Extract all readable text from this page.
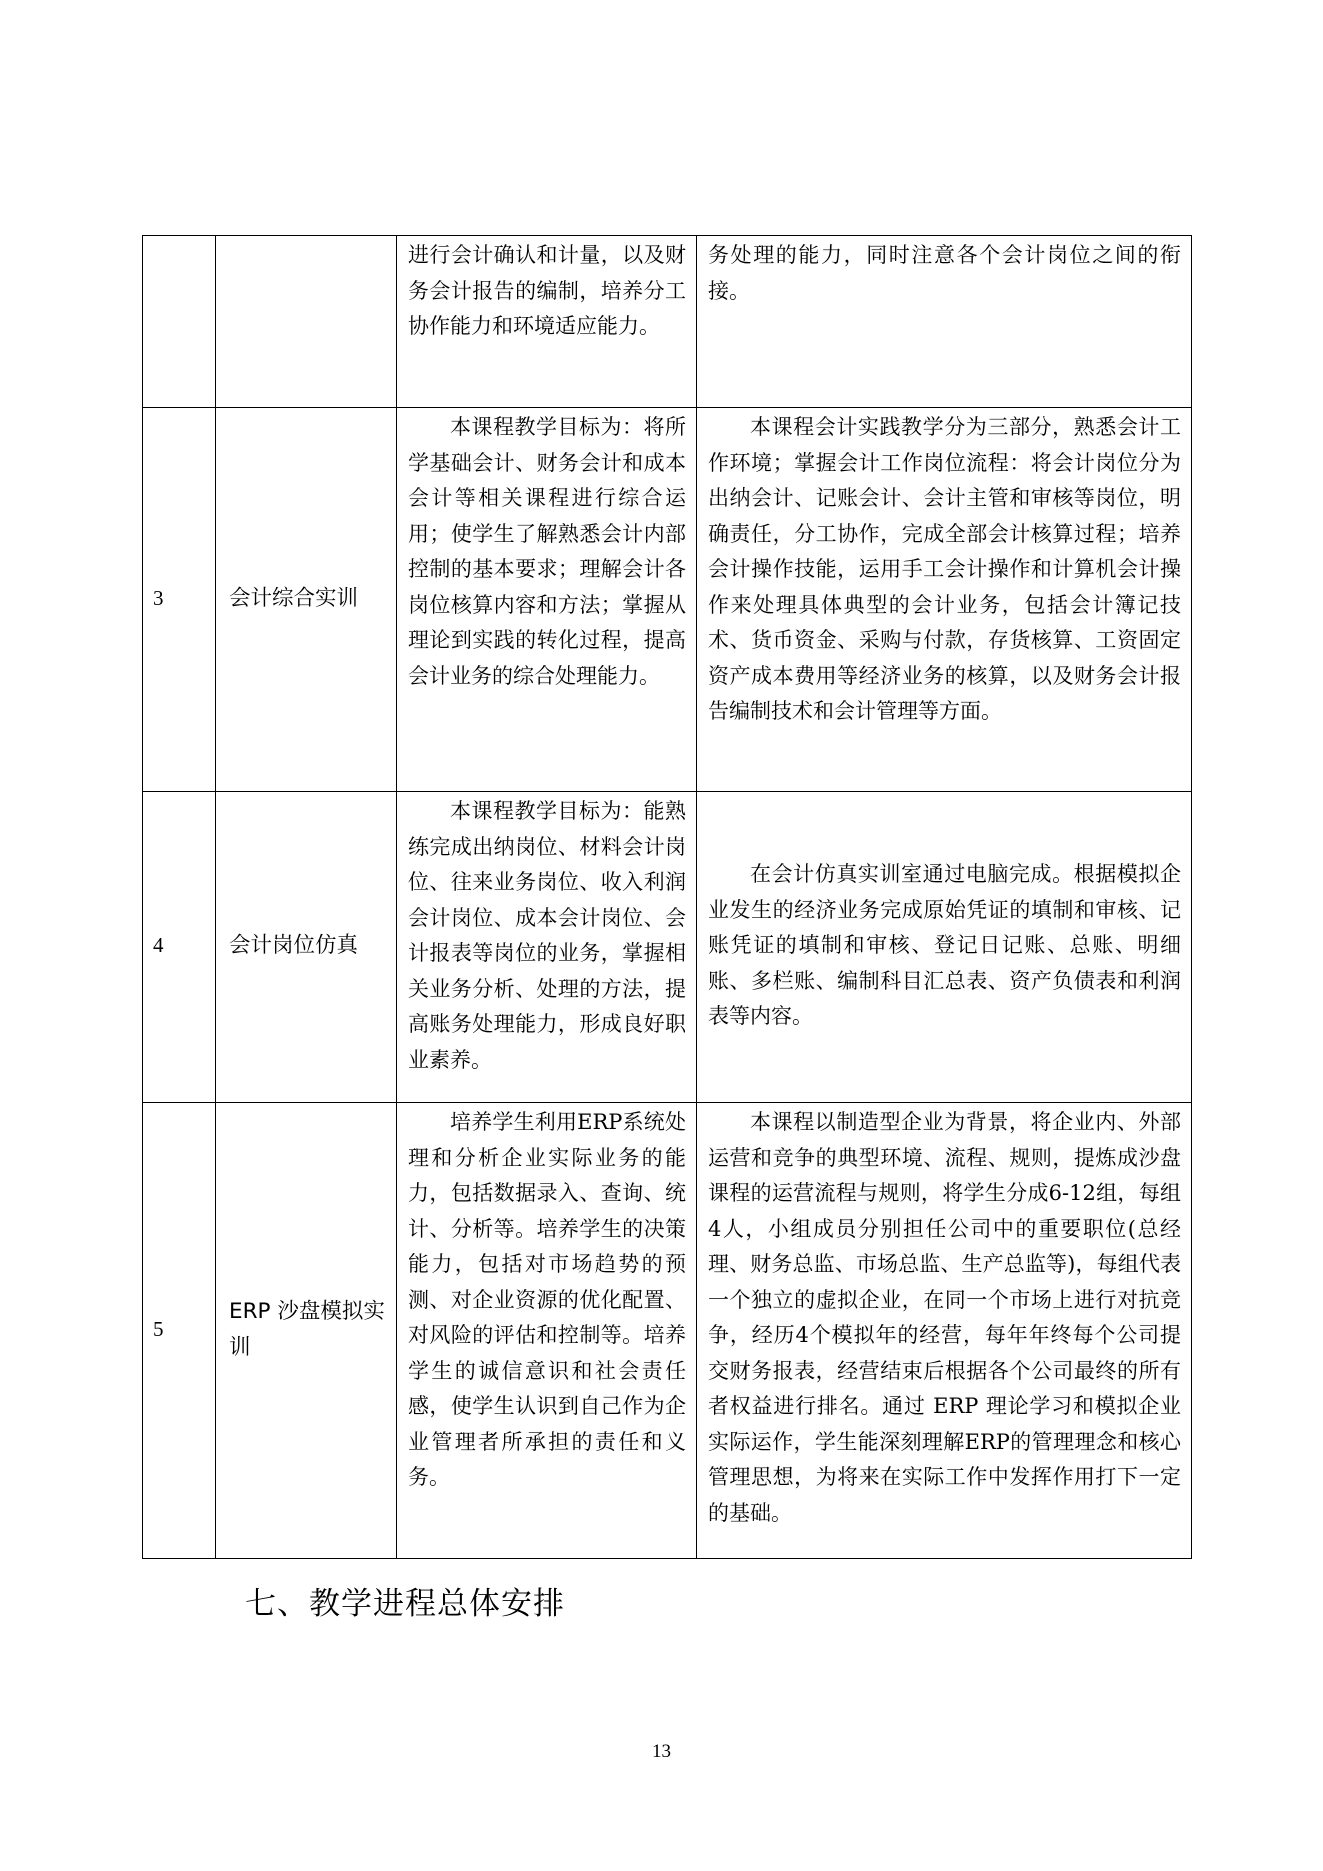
		进行会计确认和计量，以及财务会计报告的编制，培养分工协作能力和环境适应能力。	务处理的能力，同时注意各个会计岗位之间的衔接。

3	会计综合实训	本课程教学目标为：将所学基础会计、财务会计和成本会计等相关课程进行综合运用；使学生了解熟悉会计内部控制的基本要求；理解会计各岗位核算内容和方法；掌握从理论到实践的转化过程，提高会计业务的综合处理能力。	本课程会计实践教学分为三部分，熟悉会计工作环境；掌握会计工作岗位流程：将会计岗位分为出纳会计、记账会计、会计主管和审核等岗位，明确责任，分工协作，完成全部会计核算过程；培养会计操作技能，运用手工会计操作和计算机会计操作来处理具体典型的会计业务，包括会计簿记技术、货币资金、采购与付款，存货核算、工资固定资产成本费用等经济业务的核算，以及财务会计报告编制技术和会计管理等方面。

4	会计岗位仿真	本课程教学目标为：能熟练完成出纳岗位、材料会计岗位、往来业务岗位、收入利润会计岗位、成本会计岗位、会计报表等岗位的业务，掌握相关业务分析、处理的方法，提高账务处理能力，形成良好职业素养。	在会计仿真实训室通过电脑完成。根据模拟企业发生的经济业务完成原始凭证的填制和审核、记账凭证的填制和审核、登记日记账、总账、明细账、多栏账、编制科目汇总表、资产负债表和利润表等内容。

5	ERP 沙盘模拟实训	培养学生利用ERP系统处理和分析企业实际业务的能力，包括数据录入、查询、统计、分析等。培养学生的决策能力，包括对市场趋势的预测、对企业资源的优化配置、对风险的评估和控制等。培养学生的诚信意识和社会责任感，使学生认识到自己作为企业管理者所承担的责任和义务。	本课程以制造型企业为背景，将企业内、外部运营和竞争的典型环境、流程、规则，提炼成沙盘课程的运营流程与规则，将学生分成6-12组，每组4人，小组成员分别担任公司中的重要职位(总经理、财务总监、市场总监、生产总监等)，每组代表一个独立的虚拟企业，在同一个市场上进行对抗竞争，经历4个模拟年的经营，每年年终每个公司提交财务报表，经营结束后根据各个公司最终的所有者权益进行排名。通过 ERP 理论学习和模拟企业实际运作，学生能深刻理解ERP的管理理念和核心管理思想，为将来在实际工作中发挥作用打下一定的基础。

七、教学进程总体安排
13
